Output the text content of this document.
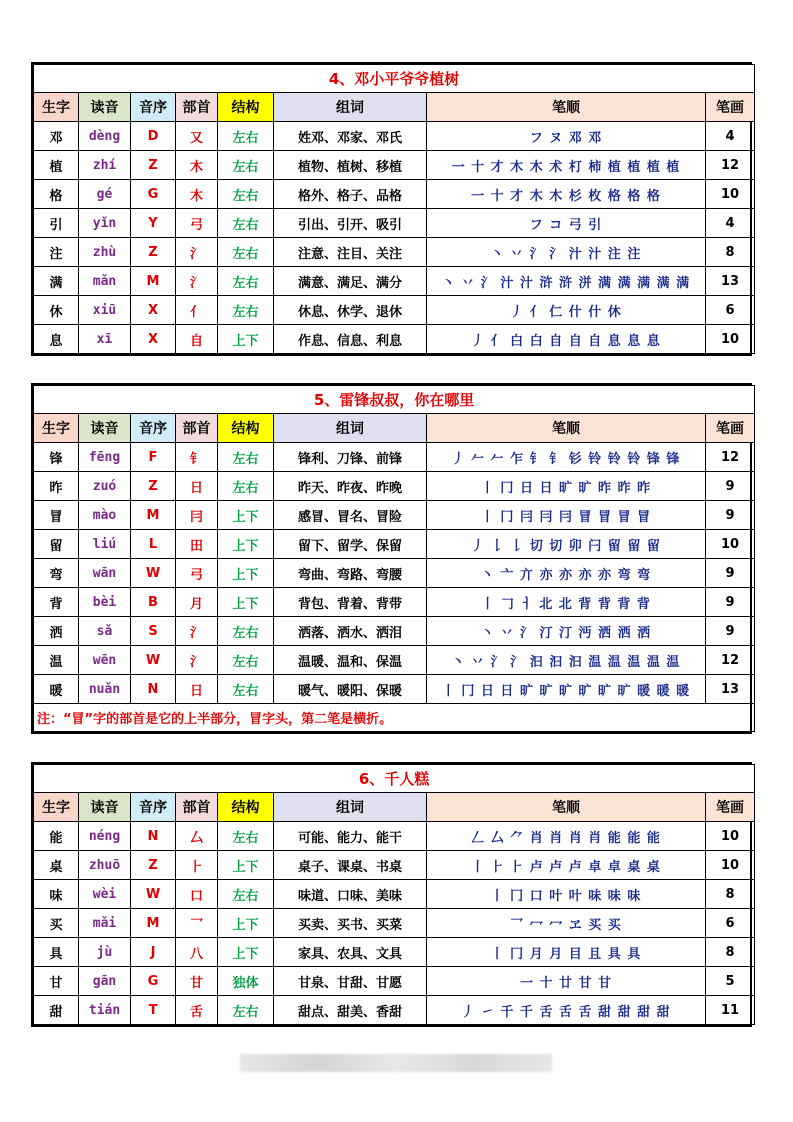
4、邓小平爷爷植树							
生字	读音	音序	部首	结构	组词	笔顺	笔画
邓	dèng	D	又	左右	姓邓、邓家、邓氏	フ ヌ 邓 邓	4
植	zhí	Z	木	左右	植物、植树、移植	一 十 才 木 木 术 朾 柿 植 植 植 植	12
格	gé	G	木	左右	格外、格子、品格	一 十 才 木 木 杉 枚 格 格 格	10
引	yǐn	Y	弓	左右	引出、引开、吸引	フ コ 弓 引	4
注	zhù	Z	氵	左右	注意、注目、关注	丶 丷 氵 氵 汁 汁 注 注	8
满	mǎn	M	氵	左右	满意、满足、满分	丶 丷 氵 汁 汁 浒 浒 洴 满 满 满 满 满	13
休	xiū	X	亻	左右	休息、休学、退休	丿 亻 仁 什 什 休	6
息	xī	X	自	上下	作息、信息、利息	丿 亻 白 白 自 自 自 息 息 息	10
5、雷锋叔叔，你在哪里							
生字	读音	音序	部首	结构	组词	笔顺	笔画
锋	fēng	F	钅	左右	锋利、刀锋、前锋	丿 𠂉 𠂉 乍 钅 钅 钐 铃 铃 铃 锋 锋	12
昨	zuó	Z	日	左右	昨天、昨夜、昨晚	丨 冂 日 日 旷 旷 昨 昨 昨	9
冒	mào	M	冃	上下	感冒、冒名、冒险	丨 冂 冃 冃 冃 冒 冒 冒 冒	9
留	liú	L	田	上下	留下、留学、保留	丿 𠄌 𠄌 切 切 卯 闩 留 留 留	10
弯	wān	W	弓	上下	弯曲、弯路、弯腰	丶 亠 亣 亦 亦 亦 亦 弯 弯	9
背	bèi	B	月	上下	背包、背着、背带	丨 𠃌 ㅓ 北 北 背 背 背 背	9
洒	sǎ	S	氵	左右	洒落、洒水、洒泪	丶 丷 氵 汀 汀 沔 洒 洒 洒	9
温	wēn	W	氵	左右	温暖、温和、保温	丶 丷 氵 氵 汩 汩 汩 温 温 温 温 温	12
暖	nuǎn	N	日	左右	暖气、暖阳、保暖	丨 冂 日 日 旷 旷 旷 旷 旷 旷 暖 暖 暖	13
注：“冒”字的部首是它的上半部分，冒字头，第二笔是横折。							
6、千人糕							
生字	读音	音序	部首	结构	组词	笔顺	笔画
能	néng	N	厶	左右	可能、能力、能干	𠃋 厶 ⺈ 肖 肖 肖 肖 能 能 能	10
桌	zhuō	Z	⺊	上下	桌子、课桌、书桌	丨 ⺊ ⺊ 卢 卢 卢 卓 卓 桌 桌	10
味	wèi	W	口	左右	味道、口味、美味	丨 冂 口 叶 叶 味 味 味	8
买	mǎi	M	乛	上下	买卖、买书、买菜	乛 冖 冖 ヱ 买 买	6
具	jù	J	八	上下	家具、农具、文具	丨 冂 月 月 目 且 具 具	8
甘	gān	G	甘	独体	甘泉、甘甜、甘愿	一 十 廿 甘 甘	5
甜	tián	T	舌	左右	甜点、甜美、香甜	丿 ㇀ 千 千 舌 舌 舌 甜 甜 甜 甜	11
